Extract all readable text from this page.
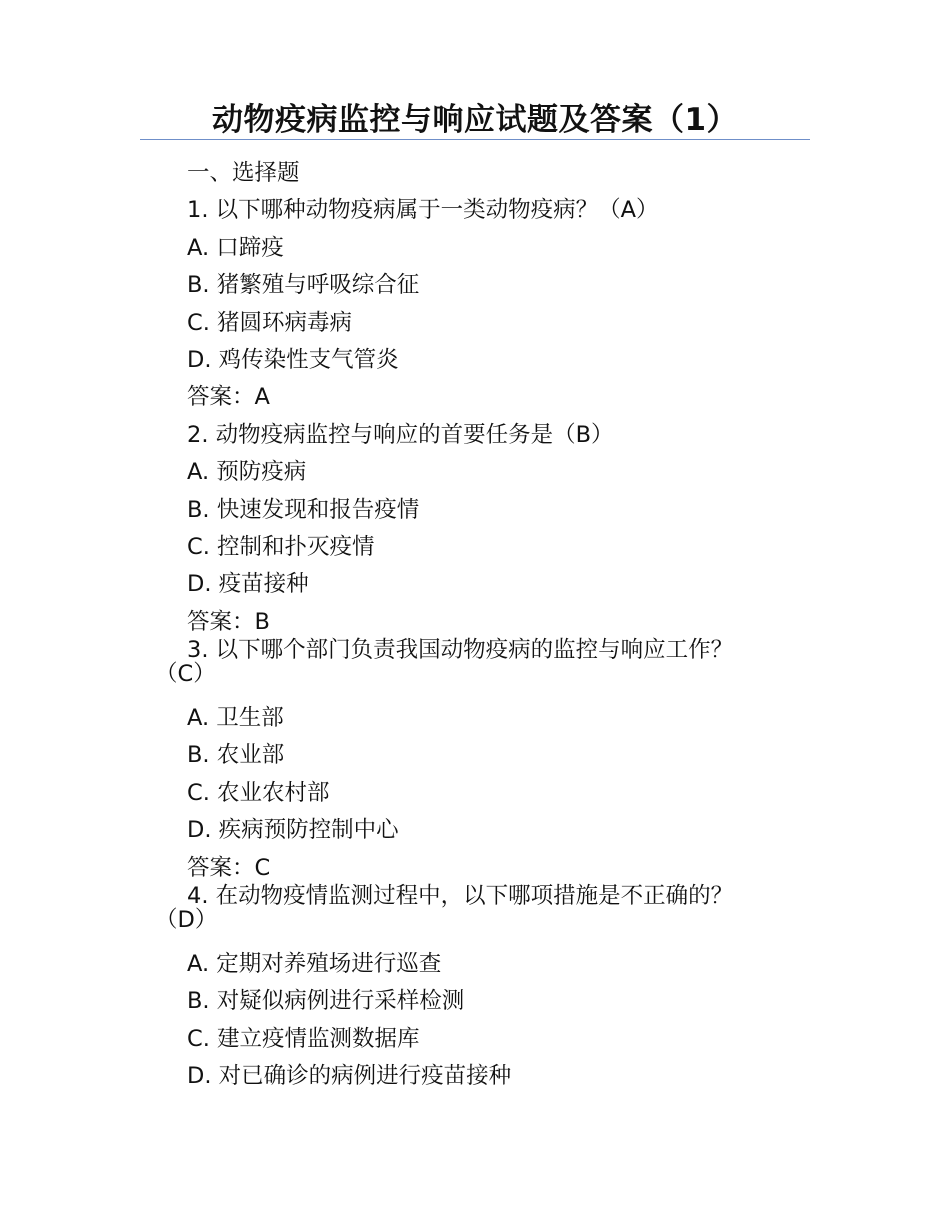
动物疫病监控与响应试题及答案（1）
一、选择题
1. 以下哪种动物疫病属于一类动物疫病？（A）
A. 口蹄疫
B. 猪繁殖与呼吸综合征
C. 猪圆环病毒病
D. 鸡传染性支气管炎
答案：A
2. 动物疫病监控与响应的首要任务是（B）
A. 预防疫病
B. 快速发现和报告疫情
C. 控制和扑灭疫情
D. 疫苗接种
答案：B
3. 以下哪个部门负责我国动物疫病的监控与响应工作？
（C）
A. 卫生部
B. 农业部
C. 农业农村部
D. 疾病预防控制中心
答案：C
4. 在动物疫情监测过程中，以下哪项措施是不正确的？
（D）
A. 定期对养殖场进行巡查
B. 对疑似病例进行采样检测
C. 建立疫情监测数据库
D. 对已确诊的病例进行疫苗接种
